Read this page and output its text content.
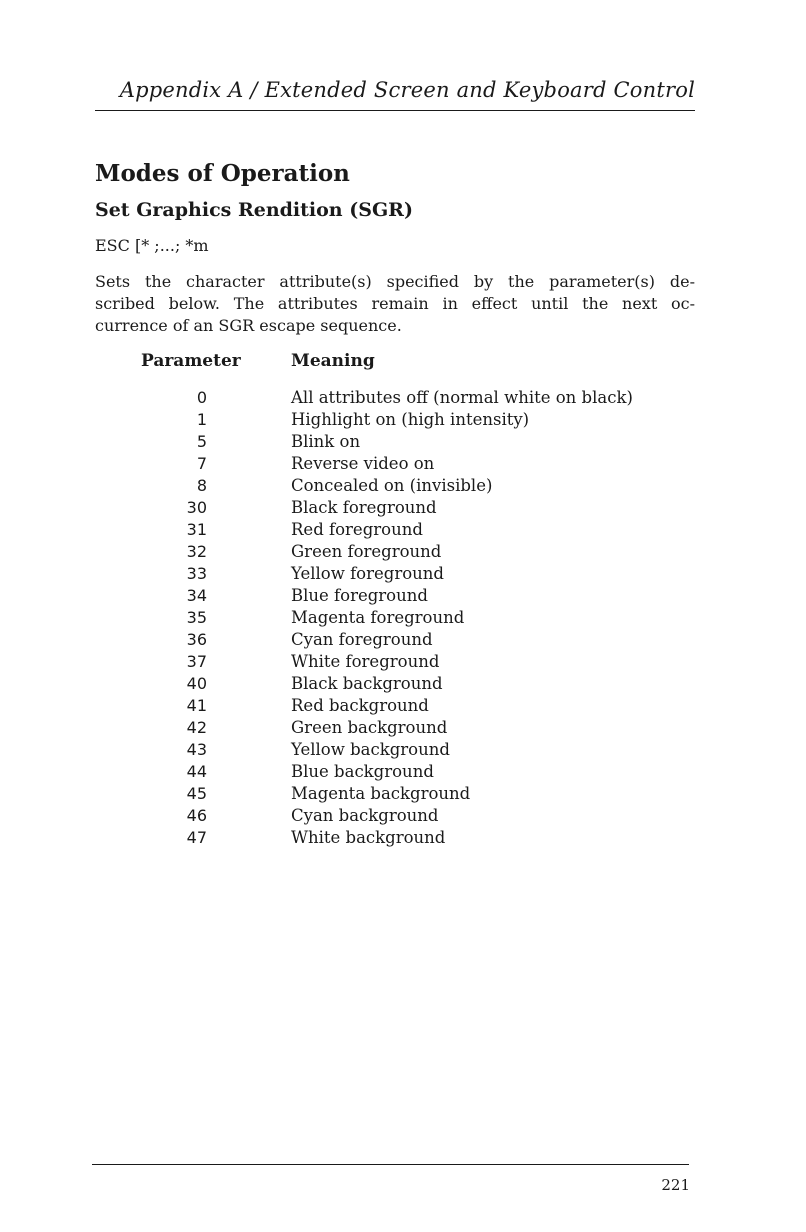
Appendix A / Extended Screen and Keyboard Control
Modes of Operation
Set Graphics Rendition (SGR)
ESC [* ;...; *m
Sets the character attribute(s) specified by the parameter(s) de-
scribed below. The attributes remain in effect until the next oc-
currence of an SGR escape sequence.
Parameter	Meaning
0	All attributes off (normal white on black)
1	Highlight on (high intensity)
5	Blink on
7	Reverse video on
8	Concealed on (invisible)
30	Black foreground
31	Red foreground
32	Green foreground
33	Yellow foreground
34	Blue foreground
35	Magenta foreground
36	Cyan foreground
37	White foreground
40	Black background
41	Red background
42	Green background
43	Yellow background
44	Blue background
45	Magenta background
46	Cyan background
47	White background
221
